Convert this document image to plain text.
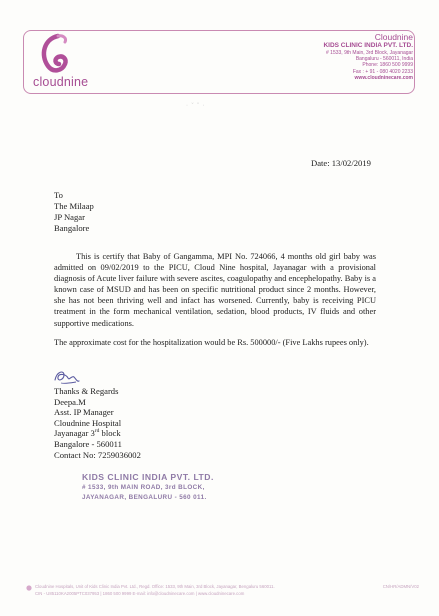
cloudnine
Cloudnine
KIDS CLINIC INDIA PVT. LTD.
# 1533, 9th Main, 3rd Block, Jayanagar
Bangaluru - 560011, India
Phone: 1860 500 9999
Fax : + 91 - 080 4020 2233
www.cloudninecare.com
· ˘ ˘ ·
Date: 13/02/2019
To
The Milaap
JP Nagar
Bangalore
This is certify that Baby of Gangamma, MPI No. 724066, 4 months old girl baby was admitted on 09/02/2019 to the PICU, Cloud Nine hospital, Jayanagar with a provisional diagnosis of Acute liver failure with severe ascites, coagulopathy and encephelopathy. Baby is a known case of MSUD and has been on specific nutritional product since 2 months. However, she has not been thriving well and infact has worsened. Currently, baby is receiving PICU treatment in the form mechanical ventilation, sedation, blood products, IV fluids and other supportive medications.
The approximate cost for the hospitalization would be Rs. 500000/- (Five Lakhs rupees only).
Thanks & Regards
Deepa.M
Asst. IP Manager
Cloudnine Hospital
Jayanagar 3rd block
Bangalore - 560011
Contact No: 7259036002
KIDS CLINIC INDIA PVT. LTD.
# 1533, 9th MAIN ROAD, 3rd BLOCK,
JAYANAGAR, BENGALURU - 560 011.
Cloudnine Hospitals, Unit of Kids Clinic India Pvt. Ltd., Regd. Office: 1533, 9th Main, 3rd Block, Jayanagar, Bengaluru 560011.
CIN - U85110KA2005PTC037953 | 1860 500 9999 E-mail: info@cloudninecare.com | www.cloudninecare.com
CN/HR/ADMN/V02
